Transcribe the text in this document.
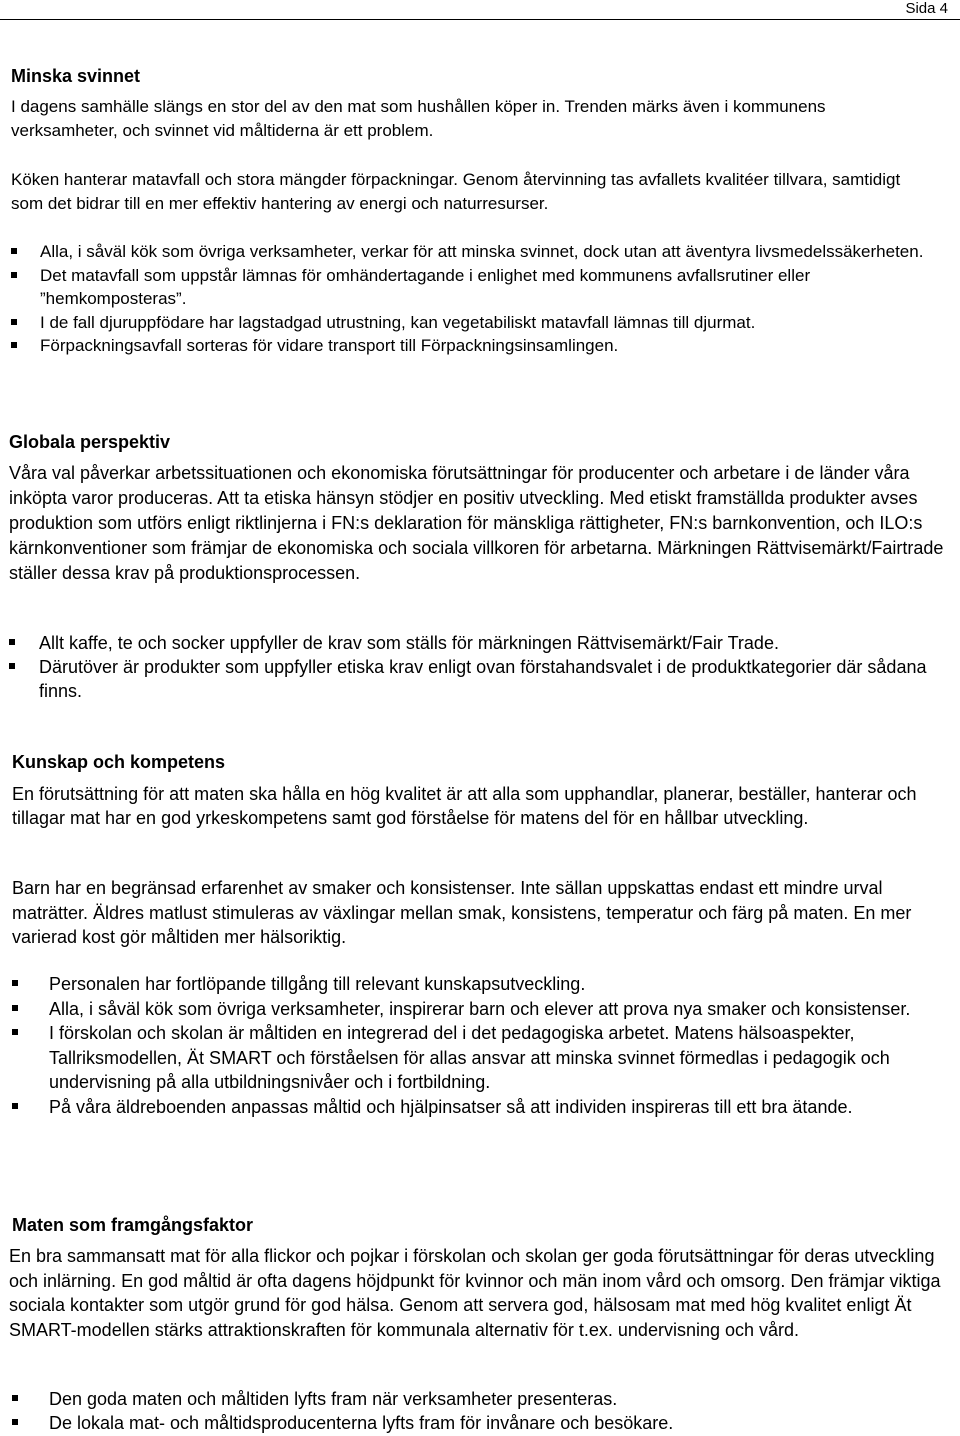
Sida 4
Minska svinnet

I dagens samhälle slängs en stor del av den mat som hushållen köper in. Trenden märks även i kommunens verksamheter, och svinnet vid måltiderna är ett problem.

Köken hanterar matavfall och stora mängder förpackningar. Genom återvinning tas avfallets kvalitéer tillvara, samtidigt som det bidrar till en mer effektiv hantering av energi och naturresurser.

Alla, i såväl kök som övriga verksamheter, verkar för att minska svinnet, dock utan att äventyra livsmedelssäkerheten.
Det matavfall som uppstår lämnas för omhändertagande i enlighet med kommunens avfallsrutiner eller ”hemkomposteras”.
I de fall djuruppfödare har lagstadgad utrustning, kan vegetabiliskt matavfall lämnas till djurmat.
Förpackningsavfall sorteras för vidare transport till Förpackningsinsamlingen.
Globala perspektiv

Våra val påverkar arbetssituationen och ekonomiska förutsättningar för producenter och arbetare i de länder våra inköpta varor produceras. Att ta etiska hänsyn stödjer en positiv utveckling. Med etiskt framställda produkter avses produktion som utförs enligt riktlinjerna i FN:s deklaration för mänskliga rättigheter, FN:s barnkonvention, och ILO:s kärnkonventioner som främjar de ekonomiska och sociala villkoren för arbetarna. Märkningen Rättvisemärkt/Fairtrade ställer dessa krav på produktionsprocessen.

Allt kaffe, te och socker uppfyller de krav som ställs för märkningen Rättvisemärkt/Fair Trade.
Därutöver är produkter som uppfyller etiska krav enligt ovan förstahandsvalet i de produktkategorier där sådana finns.
Kunskap och kompetens

En förutsättning för att maten ska hålla en hög kvalitet är att alla som upphandlar, planerar, beställer, hanterar och tillagar mat har en god yrkeskompetens samt god förståelse för matens del för en hållbar utveckling.

Barn har en begränsad erfarenhet av smaker och konsistenser. Inte sällan uppskattas endast ett mindre urval maträtter. Äldres matlust stimuleras av växlingar mellan smak, konsistens, temperatur och färg på maten. En mer varierad kost gör måltiden mer hälsoriktig.

Personalen har fortlöpande tillgång till relevant kunskapsutveckling.
Alla, i såväl kök som övriga verksamheter, inspirerar barn och elever att prova nya smaker och konsistenser.
I förskolan och skolan är måltiden en integrerad del i det pedagogiska arbetet. Matens hälsoaspekter, Tallriksmodellen, Ät SMART och förståelsen för allas ansvar att minska svinnet förmedlas i pedagogik och undervisning på alla utbildningsnivåer och i fortbildning.
På våra äldreboenden anpassas måltid och hjälpinsatser så att individen inspireras till ett bra ätande.
Maten som framgångsfaktor

En bra sammansatt mat för alla flickor och pojkar i förskolan och skolan ger goda förutsättningar för deras utveckling och inlärning. En god måltid är ofta dagens höjdpunkt för kvinnor och män inom vård och omsorg. Den främjar viktiga sociala kontakter som utgör grund för god hälsa. Genom att servera god, hälsosam mat med hög kvalitet enligt Ät SMART-modellen stärks attraktionskraften för kommunala alternativ för t.ex. undervisning och vård.

Den goda maten och måltiden lyfts fram när verksamheter presenteras.
De lokala mat- och måltidsproducenterna lyfts fram för invånare och besökare.
